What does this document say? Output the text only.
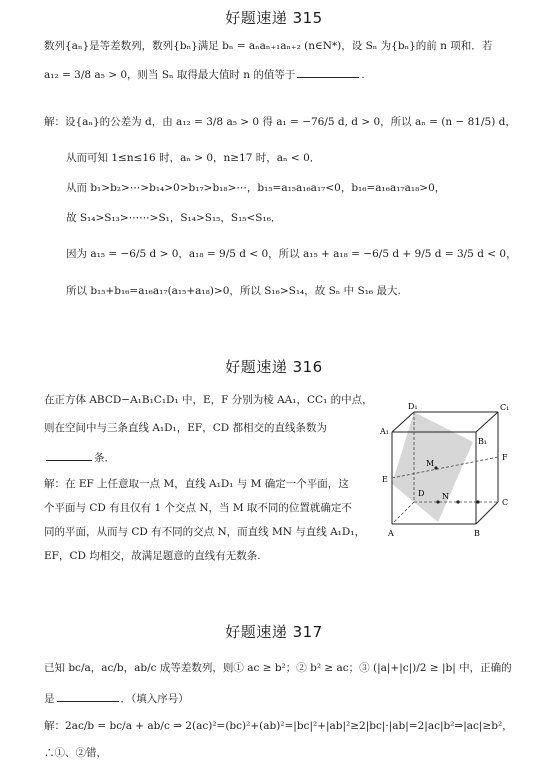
好题速递 315
数列{aₙ}是等差数列，数列{bₙ}满足 bₙ = aₙaₙ₊₁aₙ₊₂ (n∈N*)，设 Sₙ 为{bₙ}的前 n 项和．若
a₁₂ = 3/8 a₅ > 0，则当 Sₙ 取得最大值时 n 的值等于	.
解：设{aₙ}的公差为 d，由 a₁₂ = 3/8 a₅ > 0 得 a₁ = −76/5 d, d > 0，所以 aₙ = (n − 81/5) d，
从而可知 1≤n≤16 时，aₙ > 0，n≥17 时，aₙ < 0．
从而 b₁>b₂>⋯>b₁₄>0>b₁₇>b₁₈>⋯，b₁₅=a₁₅a₁₆a₁₇<0，b₁₆=a₁₆a₁₇a₁₈>0，
故 S₁₄>S₁₃>⋯⋯>S₁，S₁₄>S₁₅，S₁₅<S₁₆．
因为 a₁₅ = −6/5 d > 0，a₁₈ = 9/5 d < 0，所以 a₁₅ + a₁₈ = −6/5 d + 9/5 d = 3/5 d < 0，
所以 b₁₅+b₁₆=a₁₆a₁₇(a₁₅+a₁₈)>0，所以 S₁₆>S₁₄，故 Sₙ 中 S₁₆ 最大.
好题速递 316
在正方体 ABCD−A₁B₁C₁D₁ 中，E，F 分别为棱 AA₁，CC₁ 的中点，
则在空间中与三条直线 A₁D₁，EF，CD 都相交的直线条数为
条．
解：在 EF 上任意取一点 M，直线 A₁D₁ 与 M 确定一个平面，这
个平面与 CD 有且仅有 1 个交点 N，当 M 取不同的位置就确定不
同的平面，从而与 CD 有不同的交点 N，而直线 MN 与直线 A₁D₁，
EF，CD 均相交，故满足题意的直线有无数条.
D₁	C₁
A₁
B₁
F
M
E
D N
C
A	B
好题速递 317
已知 bc/a，ac/b，ab/c 成等差数列，则① ac ≥ b²；② b² ≥ ac；③ (|a|+|c|)/2 ≥ |b| 中，正确的
是	．（填入序号）
解：2ac/b = bc/a + ab/c ⇒ 2(ac)²=(bc)²+(ab)²=|bc|²+|ab|²≥2|bc|·|ab|=2|ac|b²⇒|ac|≥b²，
∴①、②错，
